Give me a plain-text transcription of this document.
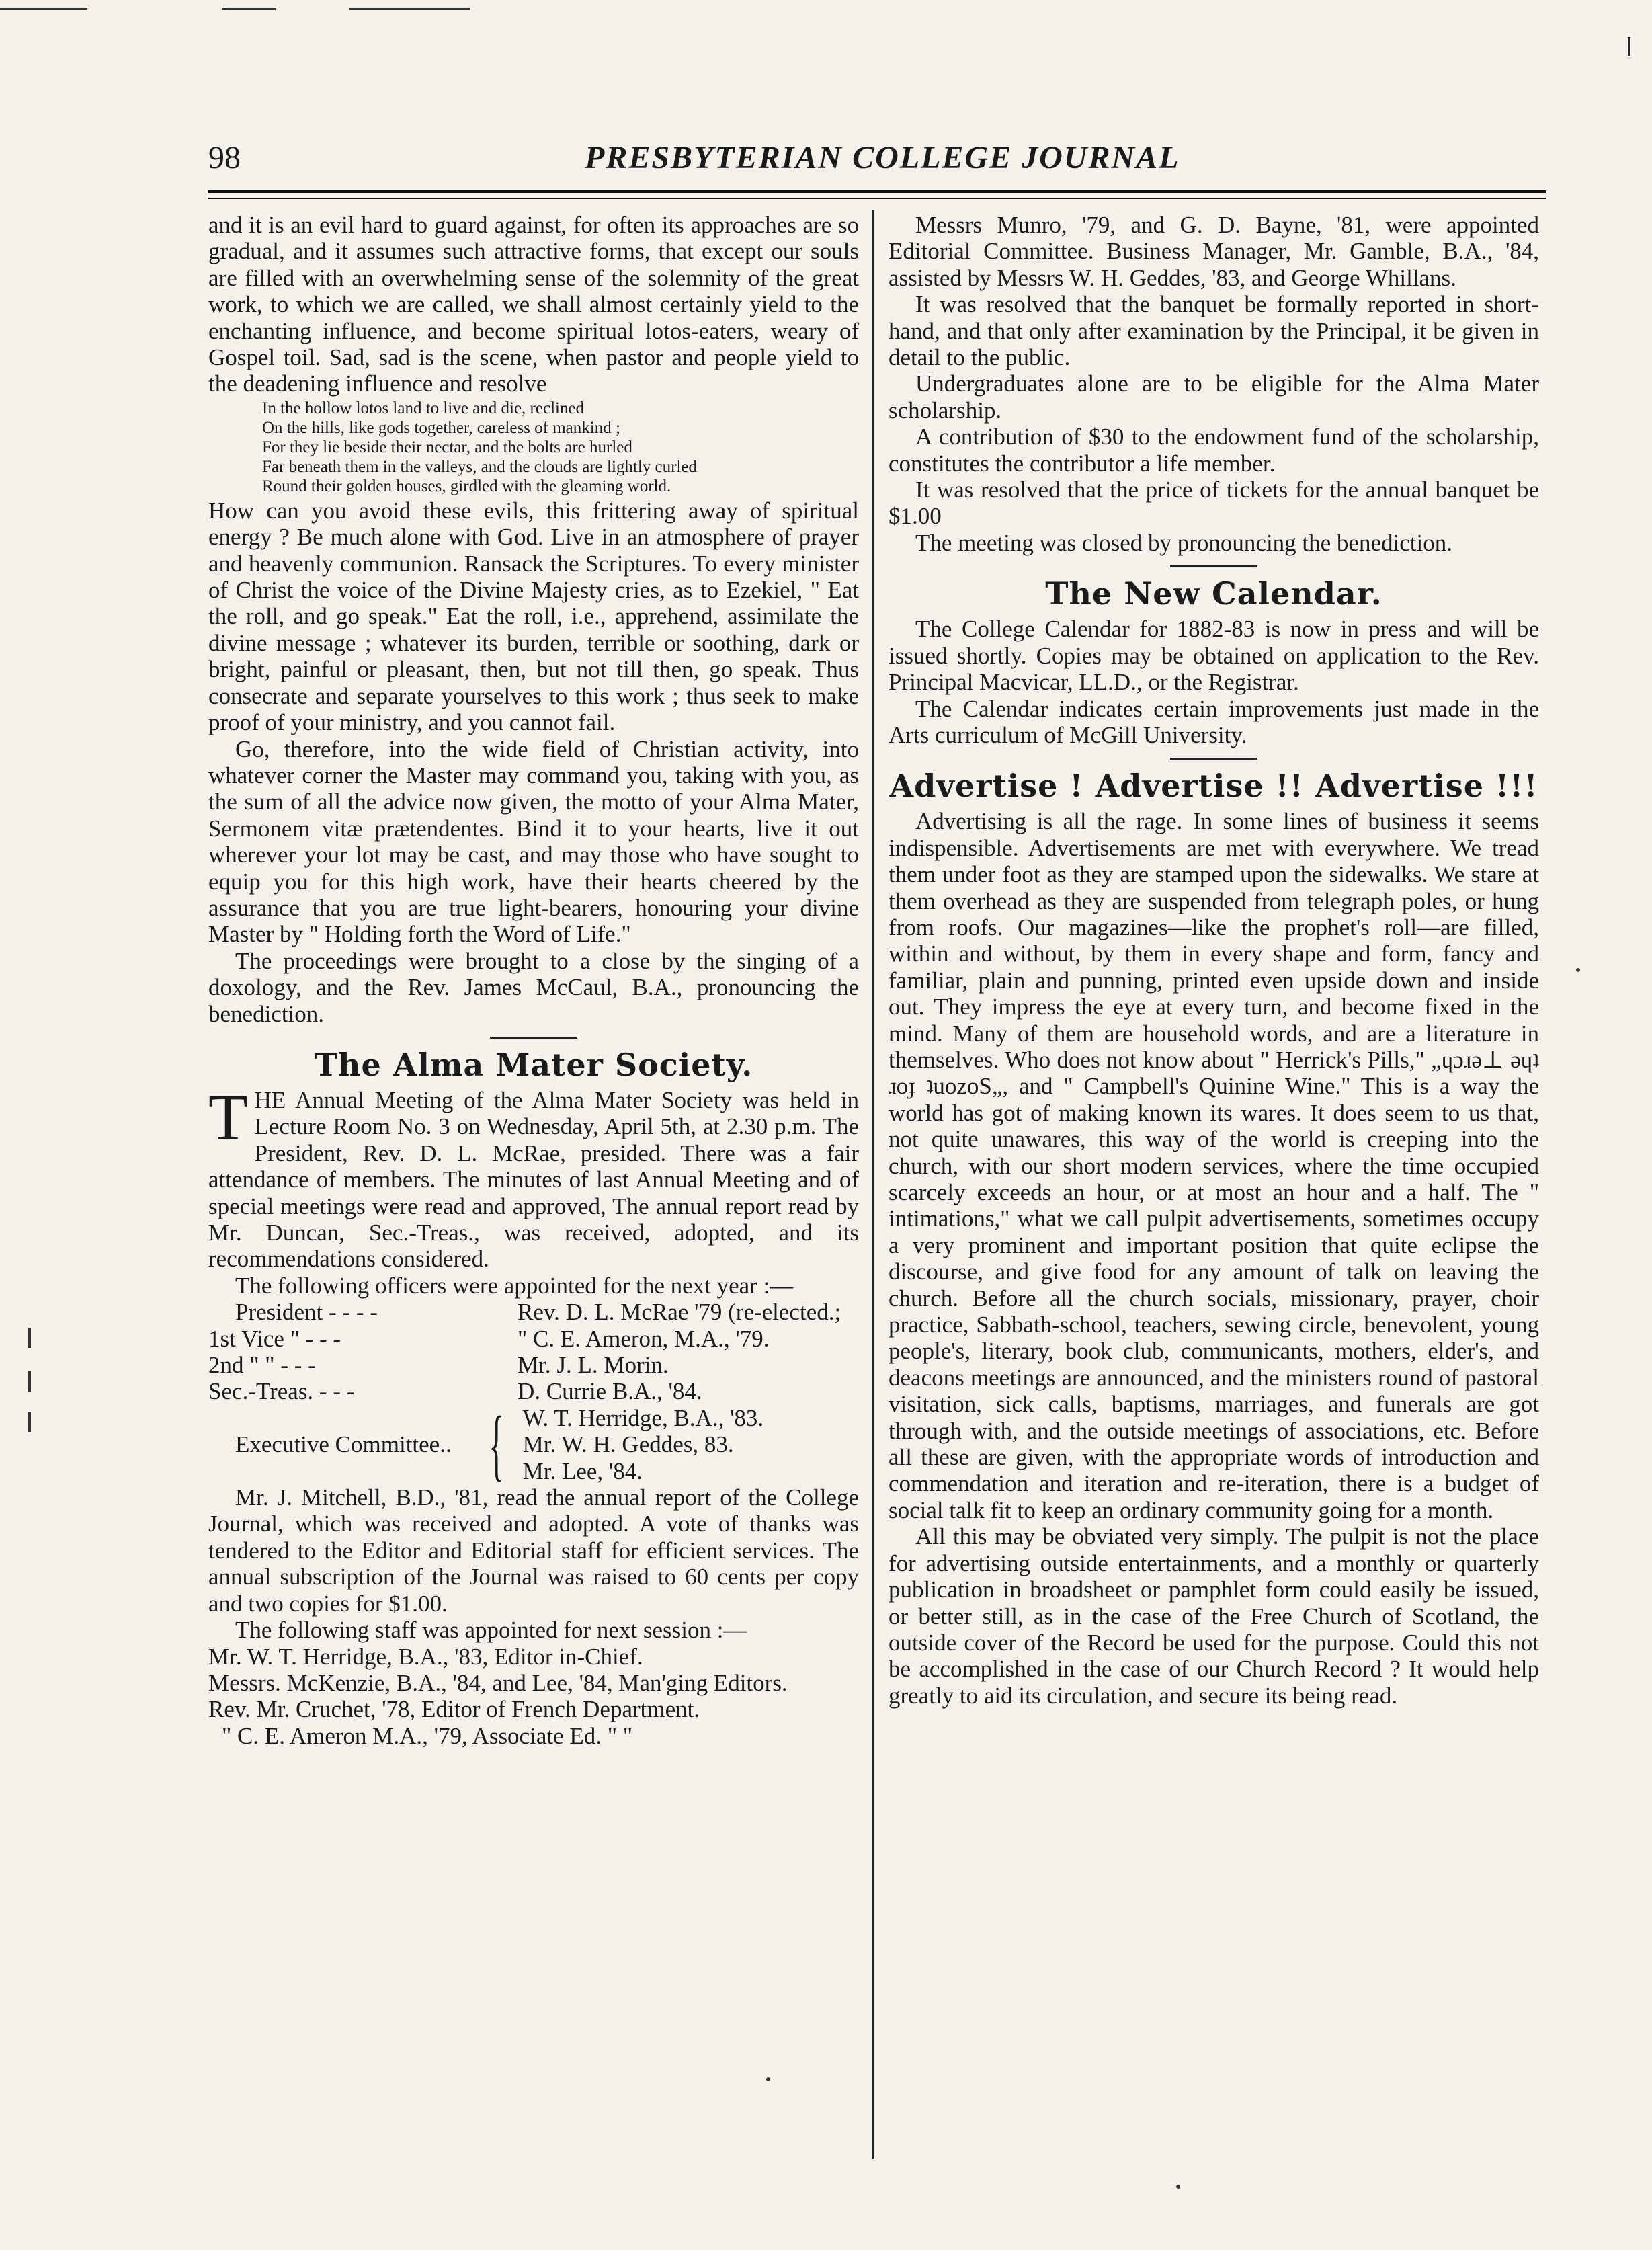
98	PRESBYTERIAN COLLEGE JOURNAL

and it is an evil hard to guard against, for often its approaches are so gradual, and it assumes such attractive forms, that except our souls are filled with an overwhelming sense of the solemnity of the great work, to which we are called, we shall almost certainly yield to the enchanting influence, and become spiritual lotos-eaters, weary of Gospel toil. Sad, sad is the scene, when pastor and people yield to the deadening influence and resolve

In the hollow lotos land to live and die, reclined
On the hills, like gods together, careless of mankind ;
For they lie beside their nectar, and the bolts are hurled
Far beneath them in the valleys, and the clouds are lightly curled
Round their golden houses, girdled with the gleaming world.

How can you avoid these evils, this frittering away of spiritual energy ? Be much alone with God. Live in an atmosphere of prayer and heavenly communion. Ransack the Scriptures. To every minister of Christ the voice of the Divine Majesty cries, as to Ezekiel, " Eat the roll, and go speak." Eat the roll, i.e., apprehend, assimilate the divine message ; whatever its burden, terrible or soothing, dark or bright, painful or pleasant, then, but not till then, go speak. Thus consecrate and separate yourselves to this work ; thus seek to make proof of your ministry, and you cannot fail.

Go, therefore, into the wide field of Christian activity, into whatever corner the Master may command you, taking with you, as the sum of all the advice now given, the motto of your Alma Mater, Sermonem vitæ prætendentes. Bind it to your hearts, live it out wherever your lot may be cast, and may those who have sought to equip you for this high work, have their hearts cheered by the assurance that you are true light-bearers, honouring your divine Master by " Holding forth the Word of Life."

The proceedings were brought to a close by the singing of a doxology, and the Rev. James McCaul, B.A., pronouncing the benediction.

The Alma Mater Society.

THE Annual Meeting of the Alma Mater Society was held in Lecture Room No. 3 on Wednesday, April 5th, at 2.30 p.m. The President, Rev. D. L. McRae, presided. There was a fair attendance of members. The minutes of last Annual Meeting and of special meetings were read and approved, The annual report read by Mr. Duncan, Sec.-Treas., was received, adopted, and its recommendations considered.

The following officers were appointed for the next year :—

President - - - -	Rev. D. L. McRae '79 (re-elected.;
1st Vice " - - -	" C. E. Ameron, M.A., '79.
2nd " " - - -	Mr. J. L. Morin.
Sec.-Treas. - - -	D. Currie B.A., '84.
Executive Committee.. { W. T. Herridge, B.A., '83.
Mr. W. H. Geddes, 83.
Mr. Lee, '84.

Mr. J. Mitchell, B.D., '81, read the annual report of the College Journal, which was received and adopted. A vote of thanks was tendered to the Editor and Editorial staff for efficient services. The annual subscription of the Journal was raised to 60 cents per copy and two copies for $1.00.

The following staff was appointed for next session :—

Mr. W. T. Herridge, B.A., '83, Editor in-Chief.
Messrs. McKenzie, B.A., '84, and Lee, '84, Man'ging Editors.
Rev. Mr. Cruchet, '78, Editor of French Department.
" C. E. Ameron M.A., '79, Associate Ed. " "

Messrs Munro, '79, and G. D. Bayne, '81, were appointed Editorial Committee. Business Manager, Mr. Gamble, B.A., '84, assisted by Messrs W. H. Geddes, '83, and George Whillans.

It was resolved that the banquet be formally reported in short-hand, and that only after examination by the Principal, it be given in detail to the public.

Undergraduates alone are to be eligible for the Alma Mater scholarship.

A contribution of $30 to the endowment fund of the scholarship, constitutes the contributor a life member.

It was resolved that the price of tickets for the annual banquet be $1.00

The meeting was closed by pronouncing the benediction.

The New Calendar.

The College Calendar for 1882-83 is now in press and will be issued shortly. Copies may be obtained on application to the Rev. Principal Macvicar, LL.D., or the Registrar.

The Calendar indicates certain improvements just made in the Arts curriculum of McGill University.

Advertise ! Advertise !! Advertise !!!

Advertising is all the rage. In some lines of business it seems indispensible. Advertisements are met with everywhere. We tread them under foot as they are stamped upon the sidewalks. We stare at them overhead as they are suspended from telegraph poles, or hung from roofs. Our magazines—like the prophet's roll—are filled, within and without, by them in every shape and form, fancy and familiar, plain and punning, printed even upside down and inside out. They impress the eye at every turn, and become fixed in the mind. Many of them are household words, and are a literature in themselves. Who does not know about " Herrick's Pills," „ɥɔɹǝ⊥ ǝɥʇ ɹoɟ ʇuozoS„, and " Campbell's Quinine Wine." This is a way the world has got of making known its wares. It does seem to us that, not quite unawares, this way of the world is creeping into the church, with our short modern services, where the time occupied scarcely exceeds an hour, or at most an hour and a half. The " intimations," what we call pulpit advertisements, sometimes occupy a very prominent and important position that quite eclipse the discourse, and give food for any amount of talk on leaving the church. Before all the church socials, missionary, prayer, choir practice, Sabbath-school, teachers, sewing circle, benevolent, young people's, literary, book club, communicants, mothers, elder's, and deacons meetings are announced, and the ministers round of pastoral visitation, sick calls, baptisms, marriages, and funerals are got through with, and the outside meetings of associations, etc. Before all these are given, with the appropriate words of introduction and commendation and iteration and re-iteration, there is a budget of social talk fit to keep an ordinary community going for a month.

All this may be obviated very simply. The pulpit is not the place for advertising outside entertainments, and a monthly or quarterly publication in broadsheet or pamphlet form could easily be issued, or better still, as in the case of the Free Church of Scotland, the outside cover of the Record be used for the purpose. Could this not be accomplished in the case of our Church Record ? It would help greatly to aid its circulation, and secure its being read.
